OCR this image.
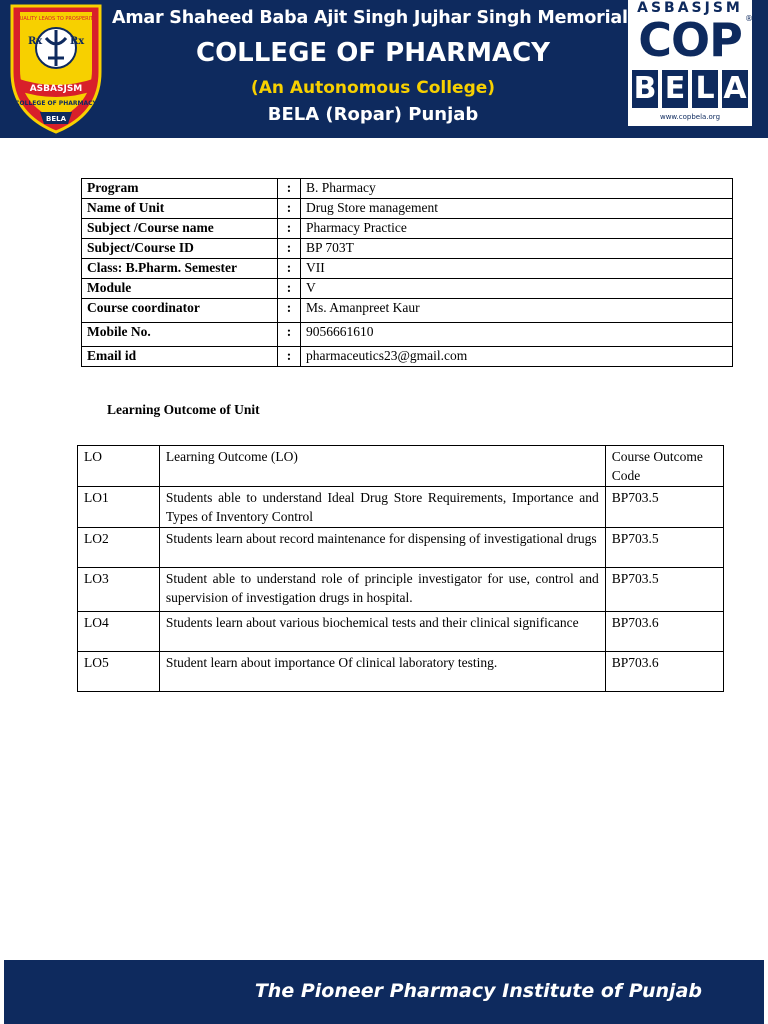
QUALITY LEADS TO PROSPERITY
Rx	Rx
ASBASJSM
COLLEGE OF PHARMACY
BELA
Amar Shaheed Baba Ajit Singh Jujhar Singh Memorial
COLLEGE OF PHARMACY
(An Autonomous College)
BELA (Ropar) Punjab
ASBASJSM
COP ®
B E L A
www.copbela.org
Program	:	B. Pharmacy
Name of Unit	:	Drug Store management
Subject /Course name	:	Pharmacy Practice
Subject/Course ID	:	BP 703T
Class: B.Pharm. Semester	:	VII
Module	:	V
Course coordinator	:	Ms. Amanpreet Kaur
Mobile No.	:	9056661610
Email id	:	pharmaceutics23@gmail.com
Learning Outcome of Unit
LO	Learning Outcome (LO)	Course Outcome Code
LO1	Students able to understand Ideal Drug Store Requirements, Importance and Types of Inventory Control	BP703.5
LO2	Students learn about record maintenance for dispensing of investigational drugs	BP703.5
LO3	Student able to understand role of principle investigator for use, control and supervision of investigation drugs in hospital.	BP703.5
LO4	Students learn about various biochemical tests and their clinical significance	BP703.6
LO5	Student learn about importance Of clinical laboratory testing.	BP703.6
The Pioneer Pharmacy Institute of Punjab
